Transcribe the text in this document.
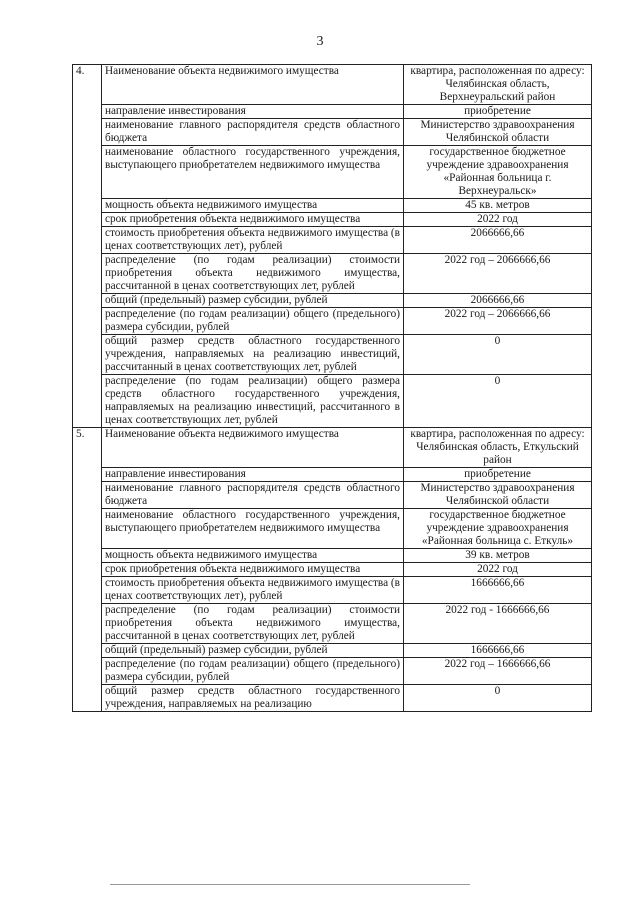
3
4.	Наименование объекта недвижимого имущества	квартира, расположенная по адресу: Челябинская область, Верхнеуральский район
	направление инвестирования	приобретение
	наименование главного распорядителя средств областного бюджета	Министерство здравоохранения Челябинской области
	наименование областного государственного учреждения, выступающего приобретателем недвижимого имущества	государственное бюджетное учреждение здравоохранения «Районная больница г. Верхнеуральск»
	мощность объекта недвижимого имущества	45 кв. метров
	срок приобретения объекта недвижимого имущества	2022 год
	стоимость приобретения объекта недвижимого имущества (в ценах соответствующих лет), рублей	2066666,66
	распределение (по годам реализации) стоимости приобретения объекта недвижимого имущества, рассчитанной в ценах соответствующих лет, рублей	2022 год – 2066666,66
	общий (предельный) размер субсидии, рублей	2066666,66
	распределение (по годам реализации) общего (предельного) размера субсидии, рублей	2022 год – 2066666,66
	общий размер средств областного государственного учреждения, направляемых на реализацию инвестиций, рассчитанный в ценах соответствующих лет, рублей	0
	распределение (по годам реализации) общего размера средств областного государственного учреждения, направляемых на реализацию инвестиций, рассчитанного в ценах соответствующих лет, рублей	0
5.	Наименование объекта недвижимого имущества	квартира, расположенная по адресу: Челябинская область, Еткульский район
	направление инвестирования	приобретение
	наименование главного распорядителя средств областного бюджета	Министерство здравоохранения Челябинской области
	наименование областного государственного учреждения, выступающего приобретателем недвижимого имущества	государственное бюджетное учреждение здравоохранения «Районная больница с. Еткуль»
	мощность объекта недвижимого имущества	39 кв. метров
	срок приобретения объекта недвижимого имущества	2022 год
	стоимость приобретения объекта недвижимого имущества (в ценах соответствующих лет), рублей	1666666,66
	распределение (по годам реализации) стоимости приобретения объекта недвижимого имущества, рассчитанной в ценах соответствующих лет, рублей	2022 год - 1666666,66
	общий (предельный) размер субсидии, рублей	1666666,66
	распределение (по годам реализации) общего (предельного) размера субсидии, рублей	2022 год – 1666666,66
	общий размер средств областного государственного учреждения, направляемых на реализацию	0
